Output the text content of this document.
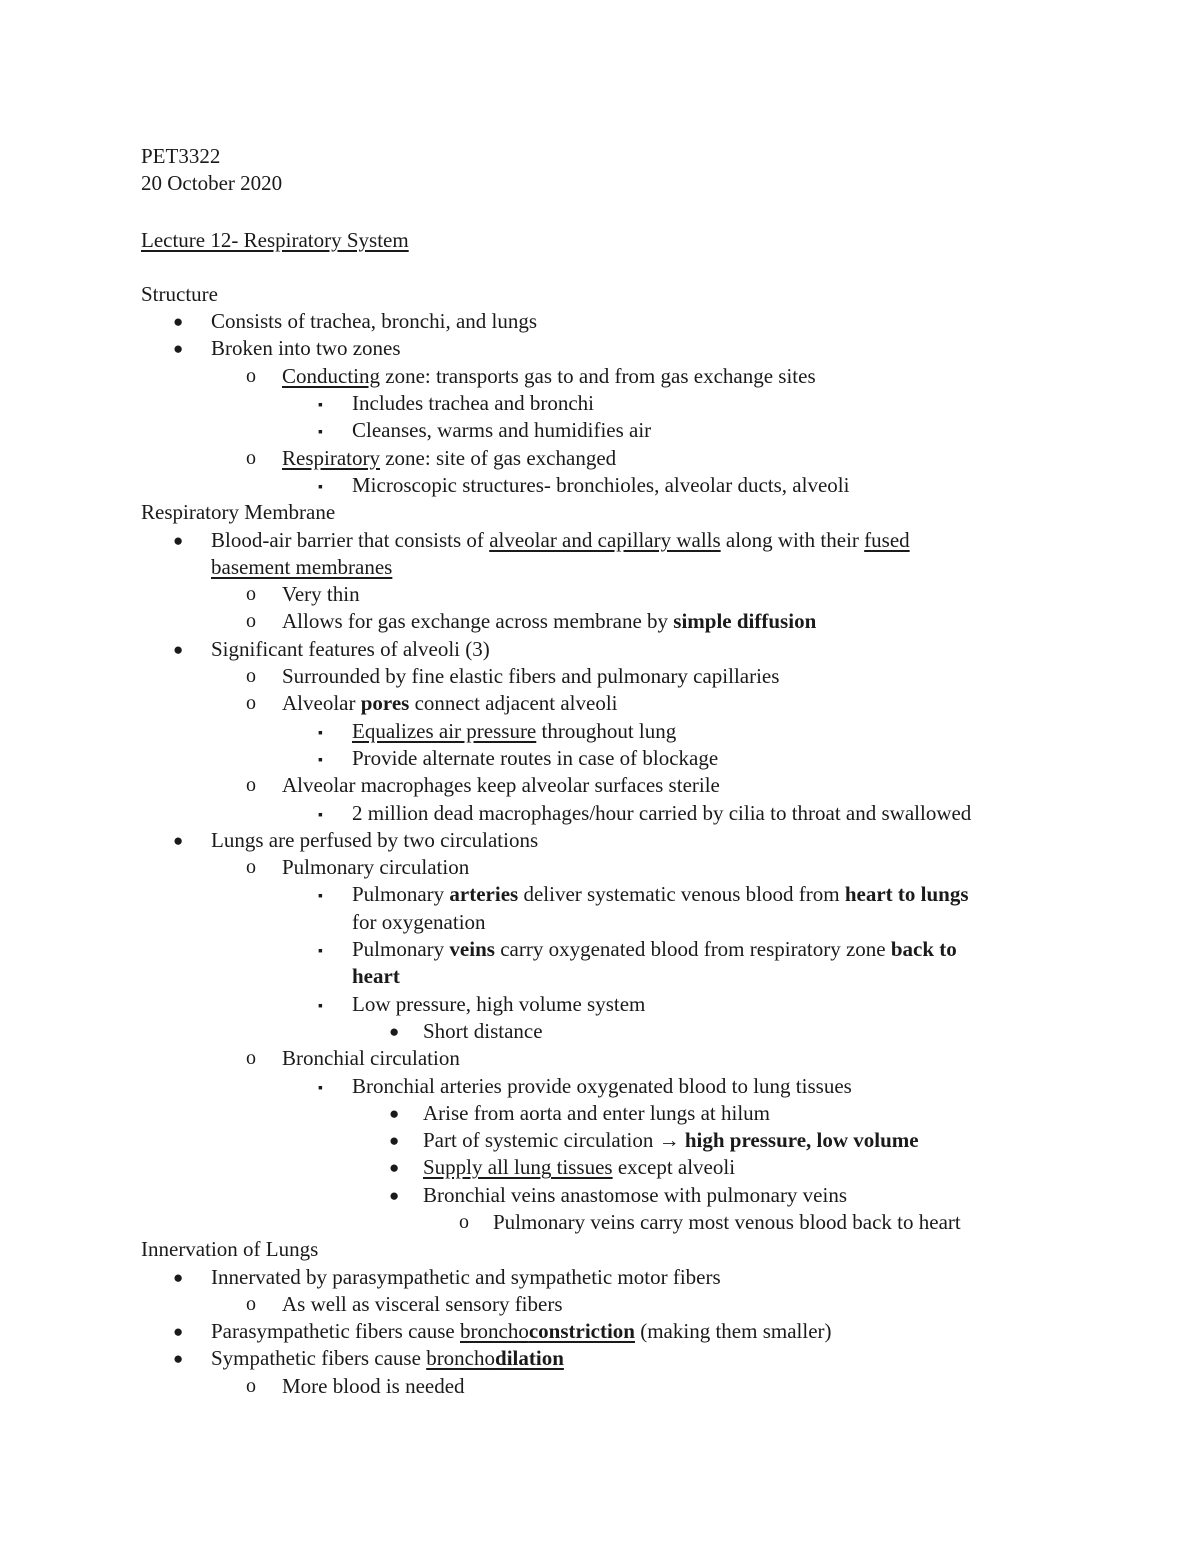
PET3322
20 October 2020
Lecture 12- Respiratory System
Structure
● Consists of trachea, bronchi, and lungs
● Broken into two zones
o Conducting zone: transports gas to and from gas exchange sites
▪ Includes trachea and bronchi
▪ Cleanses, warms and humidifies air
o Respiratory zone: site of gas exchanged
▪ Microscopic structures- bronchioles, alveolar ducts, alveoli
Respiratory Membrane
● Blood-air barrier that consists of alveolar and capillary walls along with their fused
basement membranes
o Very thin
o Allows for gas exchange across membrane by simple diffusion
● Significant features of alveoli (3)
o Surrounded by fine elastic fibers and pulmonary capillaries
o Alveolar pores connect adjacent alveoli
▪ Equalizes air pressure throughout lung
▪ Provide alternate routes in case of blockage
o Alveolar macrophages keep alveolar surfaces sterile
▪ 2 million dead macrophages/hour carried by cilia to throat and swallowed
● Lungs are perfused by two circulations
o Pulmonary circulation
▪ Pulmonary arteries deliver systematic venous blood from heart to lungs
for oxygenation
▪ Pulmonary veins carry oxygenated blood from respiratory zone back to
heart
▪ Low pressure, high volume system
● Short distance
o Bronchial circulation
▪ Bronchial arteries provide oxygenated blood to lung tissues
● Arise from aorta and enter lungs at hilum
● Part of systemic circulation → high pressure, low volume
● Supply all lung tissues except alveoli
● Bronchial veins anastomose with pulmonary veins
o Pulmonary veins carry most venous blood back to heart
Innervation of Lungs
● Innervated by parasympathetic and sympathetic motor fibers
o As well as visceral sensory fibers
● Parasympathetic fibers cause bronchoconstriction (making them smaller)
● Sympathetic fibers cause bronchodilation
o More blood is needed
